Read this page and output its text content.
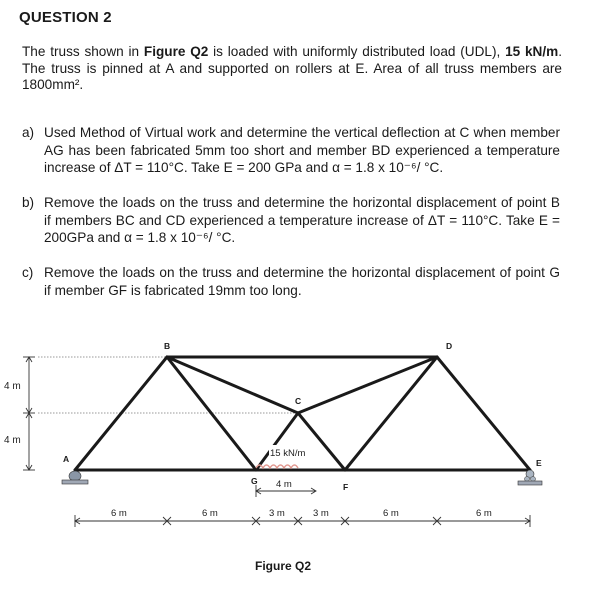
QUESTION 2
The truss shown in Figure Q2 is loaded with uniformly distributed load (UDL), 15 kN/m. The truss is pinned at A and supported on rollers at E. Area of all truss members are 1800mm².
a) Used Method of Virtual work and determine the vertical deflection at C when member AG has been fabricated 5mm too short and member BD experienced a temperature increase of ΔT = 110°C. Take E = 200 GPa and α = 1.8 x 10⁻⁶/ °C.
b) Remove the loads on the truss and determine the horizontal displacement of point B if members BC and CD experienced a temperature increase of ΔT = 110°C. Take E = 200GPa and α = 1.8 x 10⁻⁶/ °C.
c) Remove the loads on the truss and determine the horizontal displacement of point G if member GF is fabricated 19mm too long.
4 m
4 m
A
B
C
D
E
F
G
15 kN/m
4 m
6 m	6 m	3 m	3 m	6 m	6 m
Figure Q2
